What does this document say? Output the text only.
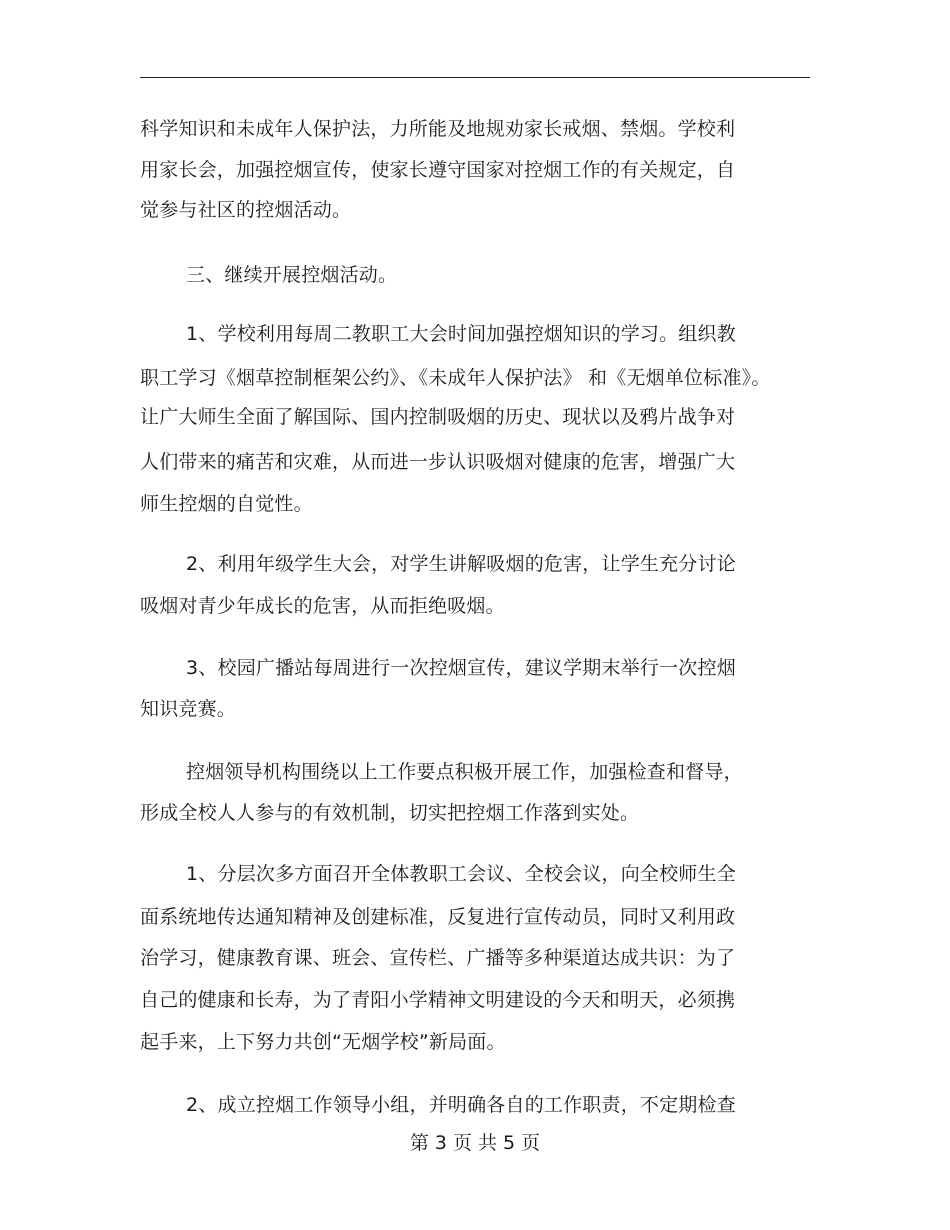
科学知识和未成年人保护法，力所能及地规劝家长戒烟、禁烟。学校利
用家长会，加强控烟宣传，使家长遵守国家对控烟工作的有关规定，自
觉参与社区的控烟活动。
三、继续开展控烟活动。
1、学校利用每周二教职工大会时间加强控烟知识的学习。组织教
职工学习《烟草控制框架公约》、《未成年人保护法》 和《无烟单位标准》。
让广大师生全面了解国际、国内控制吸烟的历史、现状以及鸦片战争对
人们带来的痛苦和灾难，从而进一步认识吸烟对健康的危害，增强广大
师生控烟的自觉性。
2、利用年级学生大会，对学生讲解吸烟的危害，让学生充分讨论
吸烟对青少年成长的危害，从而拒绝吸烟。
3、校园广播站每周进行一次控烟宣传，建议学期末举行一次控烟
知识竞赛。
控烟领导机构围绕以上工作要点积极开展工作，加强检查和督导，
形成全校人人参与的有效机制，切实把控烟工作落到实处。
1、分层次多方面召开全体教职工会议、全校会议，向全校师生全
面系统地传达通知精神及创建标准，反复进行宣传动员，同时又利用政
治学习，健康教育课、班会、宣传栏、广播等多种渠道达成共识：为了
自己的健康和长寿，为了青阳小学精神文明建设的今天和明天，必须携
起手来，上下努力共创“无烟学校”新局面。
2、成立控烟工作领导小组，并明确各自的工作职责，不定期检查
第 3 页 共 5 页
